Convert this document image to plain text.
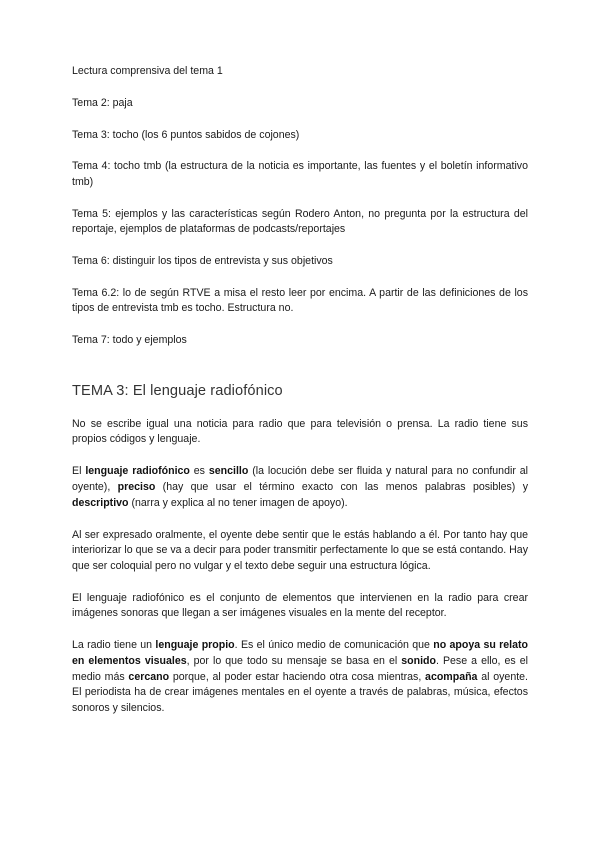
Lectura comprensiva del tema 1

Tema 2: paja

Tema 3: tocho (los 6 puntos sabidos de cojones)

Tema 4: tocho tmb (la estructura de la noticia es importante, las fuentes y el boletín informativo tmb)

Tema 5: ejemplos y las características según Rodero Anton, no pregunta por la estructura del reportaje, ejemplos de plataformas de podcasts/reportajes

Tema 6: distinguir los tipos de entrevista y sus objetivos

Tema 6.2: lo de según RTVE a misa el resto leer por encima. A partir de las definiciones de los tipos de entrevista tmb es tocho. Estructura no.

Tema 7: todo y ejemplos

TEMA 3: El lenguaje radiofónico

No se escribe igual una noticia para radio que para televisión o prensa. La radio tiene sus propios códigos y lenguaje.

El lenguaje radiofónico es sencillo (la locución debe ser fluida y natural para no confundir al oyente), preciso (hay que usar el término exacto con las menos palabras posibles) y descriptivo (narra y explica al no tener imagen de apoyo).

Al ser expresado oralmente, el oyente debe sentir que le estás hablando a él. Por tanto hay que interiorizar lo que se va a decir para poder transmitir perfectamente lo que se está contando. Hay que ser coloquial pero no vulgar y el texto debe seguir una estructura lógica.

El lenguaje radiofónico es el conjunto de elementos que intervienen en la radio para crear imágenes sonoras que llegan a ser imágenes visuales en la mente del receptor.

La radio tiene un lenguaje propio. Es el único medio de comunicación que no apoya su relato en elementos visuales, por lo que todo su mensaje se basa en el sonido. Pese a ello, es el medio más cercano porque, al poder estar haciendo otra cosa mientras, acompaña al oyente. El periodista ha de crear imágenes mentales en el oyente a través de palabras, música, efectos sonoros y silencios.
